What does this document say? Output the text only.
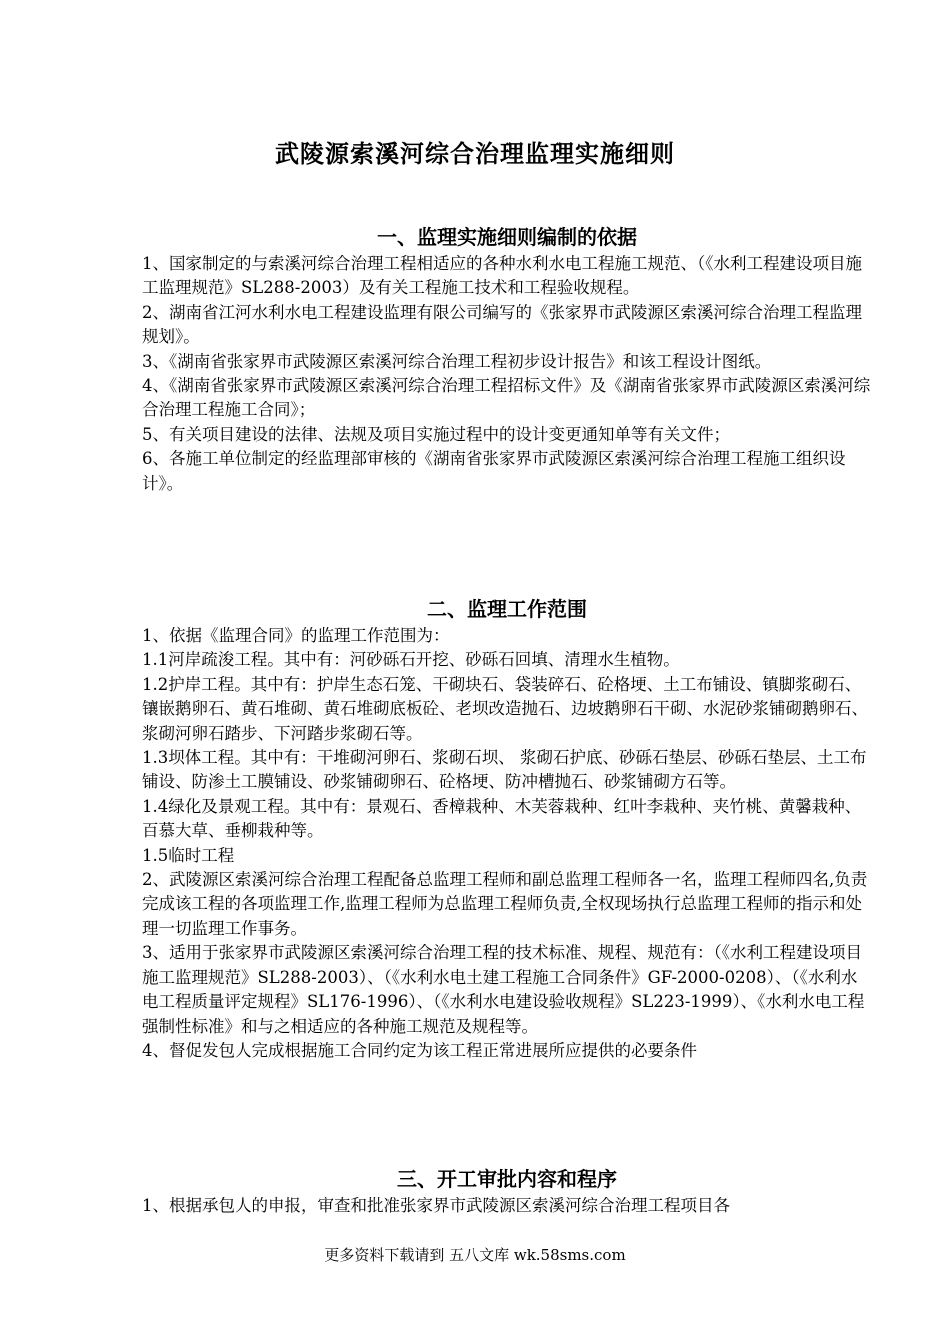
武陵源索溪河综合治理监理实施细则
一、监理实施细则编制的依据

1、国家制定的与索溪河综合治理工程相适应的各种水利水电工程施工规范、（《水利工程建设项目施工监理规范》SL288-2003）及有关工程施工技术和工程验收规程。

2、湖南省江河水利水电工程建设监理有限公司编写的《张家界市武陵源区索溪河综合治理工程监理规划》。

3、《湖南省张家界市武陵源区索溪河综合治理工程初步设计报告》和该工程设计图纸。

4、《湖南省张家界市武陵源区索溪河综合治理工程招标文件》及《湖南省张家界市武陵源区索溪河综合治理工程施工合同》；

5、有关项目建设的法律、法规及项目实施过程中的设计变更通知单等有关文件；

6、各施工单位制定的经监理部审核的《湖南省张家界市武陵源区索溪河综合治理工程施工组织设计》。

二、监理工作范围

1、依据《监理合同》的监理工作范围为：

1.1河岸疏浚工程。其中有：河砂砾石开挖、砂砾石回填、清理水生植物。

1.2护岸工程。其中有：护岸生态石笼、干砌块石、袋装碎石、砼格埂、土工布铺设、镇脚浆砌石、镶嵌鹅卵石、黄石堆砌、黄石堆砌底板砼、老坝改造抛石、边坡鹅卵石干砌、水泥砂浆铺砌鹅卵石、浆砌河卵石踏步、下河踏步浆砌石等。

1.3坝体工程。其中有：干堆砌河卵石、浆砌石坝、 浆砌石护底、砂砾石垫层、砂砾石垫层、土工布铺设、防渗土工膜铺设、砂浆铺砌卵石、砼格埂、防冲槽抛石、砂浆铺砌方石等。

1.4绿化及景观工程。其中有：景观石、香樟栽种、木芙蓉栽种、红叶李栽种、夹竹桃、黄馨栽种、百慕大草、垂柳栽种等。

1.5临时工程

2、武陵源区索溪河综合治理工程配备总监理工程师和副总监理工程师各一名，监理工程师四名,负责完成该工程的各项监理工作,监理工程师为总监理工程师负责,全权现场执行总监理工程师的指示和处理一切监理工作事务。

3、适用于张家界市武陵源区索溪河综合治理工程的技术标准、规程、规范有：（《水利工程建设项目施工监理规范》SL288-2003）、（《水利水电土建工程施工合同条件》GF-2000-0208）、（《水利水电工程质量评定规程》SL176-1996）、（《水利水电建设验收规程》SL223-1999）、《水利水电工程强制性标准》和与之相适应的各种施工规范及规程等。

4、督促发包人完成根据施工合同约定为该工程正常进展所应提供的必要条件

三、开工审批内容和程序

1、根据承包人的申报，审查和批准张家界市武陵源区索溪河综合治理工程项目各

更多资料下载请到 五八文库 wk.58sms.com
